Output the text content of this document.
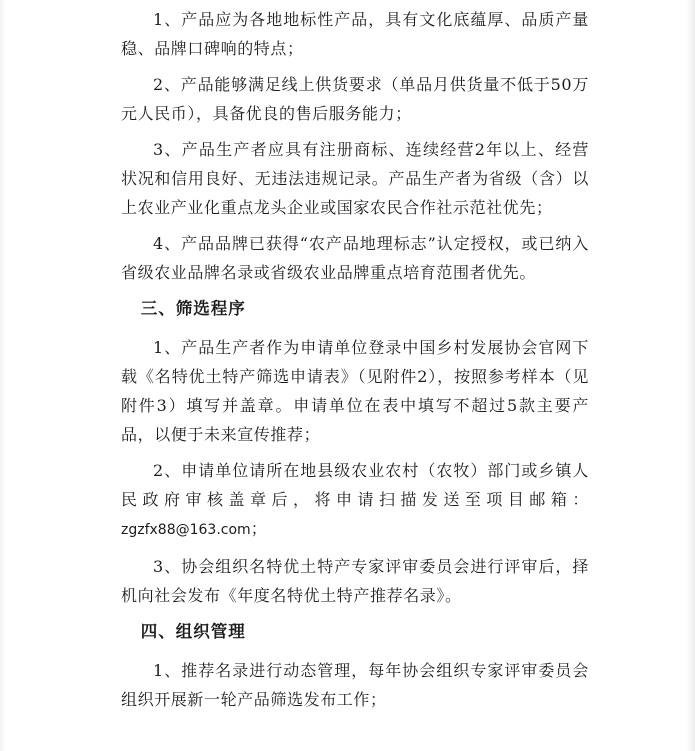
1、产品应为各地地标性产品，具有文化底蕴厚、品质产量稳、品牌口碑响的特点；

2、产品能够满足线上供货要求（单品月供货量不低于50万元人民币），具备优良的售后服务能力；

3、产品生产者应具有注册商标、连续经营2年以上、经营状况和信用良好、无违法违规记录。产品生产者为省级（含）以上农业产业化重点龙头企业或国家农民合作社示范社优先；

4、产品品牌已获得“农产品地理标志”认定授权，或已纳入省级农业品牌名录或省级农业品牌重点培育范围者优先。

三、筛选程序

1、产品生产者作为申请单位登录中国乡村发展协会官网下载《名特优土特产筛选申请表》（见附件2），按照参考样本（见附件3）填写并盖章。申请单位在表中填写不超过5款主要产品，以便于未来宣传推荐；

2、申请单位请所在地县级农业农村（农牧）部门或乡镇人民政府审核盖章后，将申请扫描发送至项目邮箱：zgzfx88@163.com；

3、协会组织名特优土特产专家评审委员会进行评审后，择机向社会发布《年度名特优土特产推荐名录》。

四、组织管理

1、推荐名录进行动态管理，每年协会组织专家评审委员会组织开展新一轮产品筛选发布工作；
